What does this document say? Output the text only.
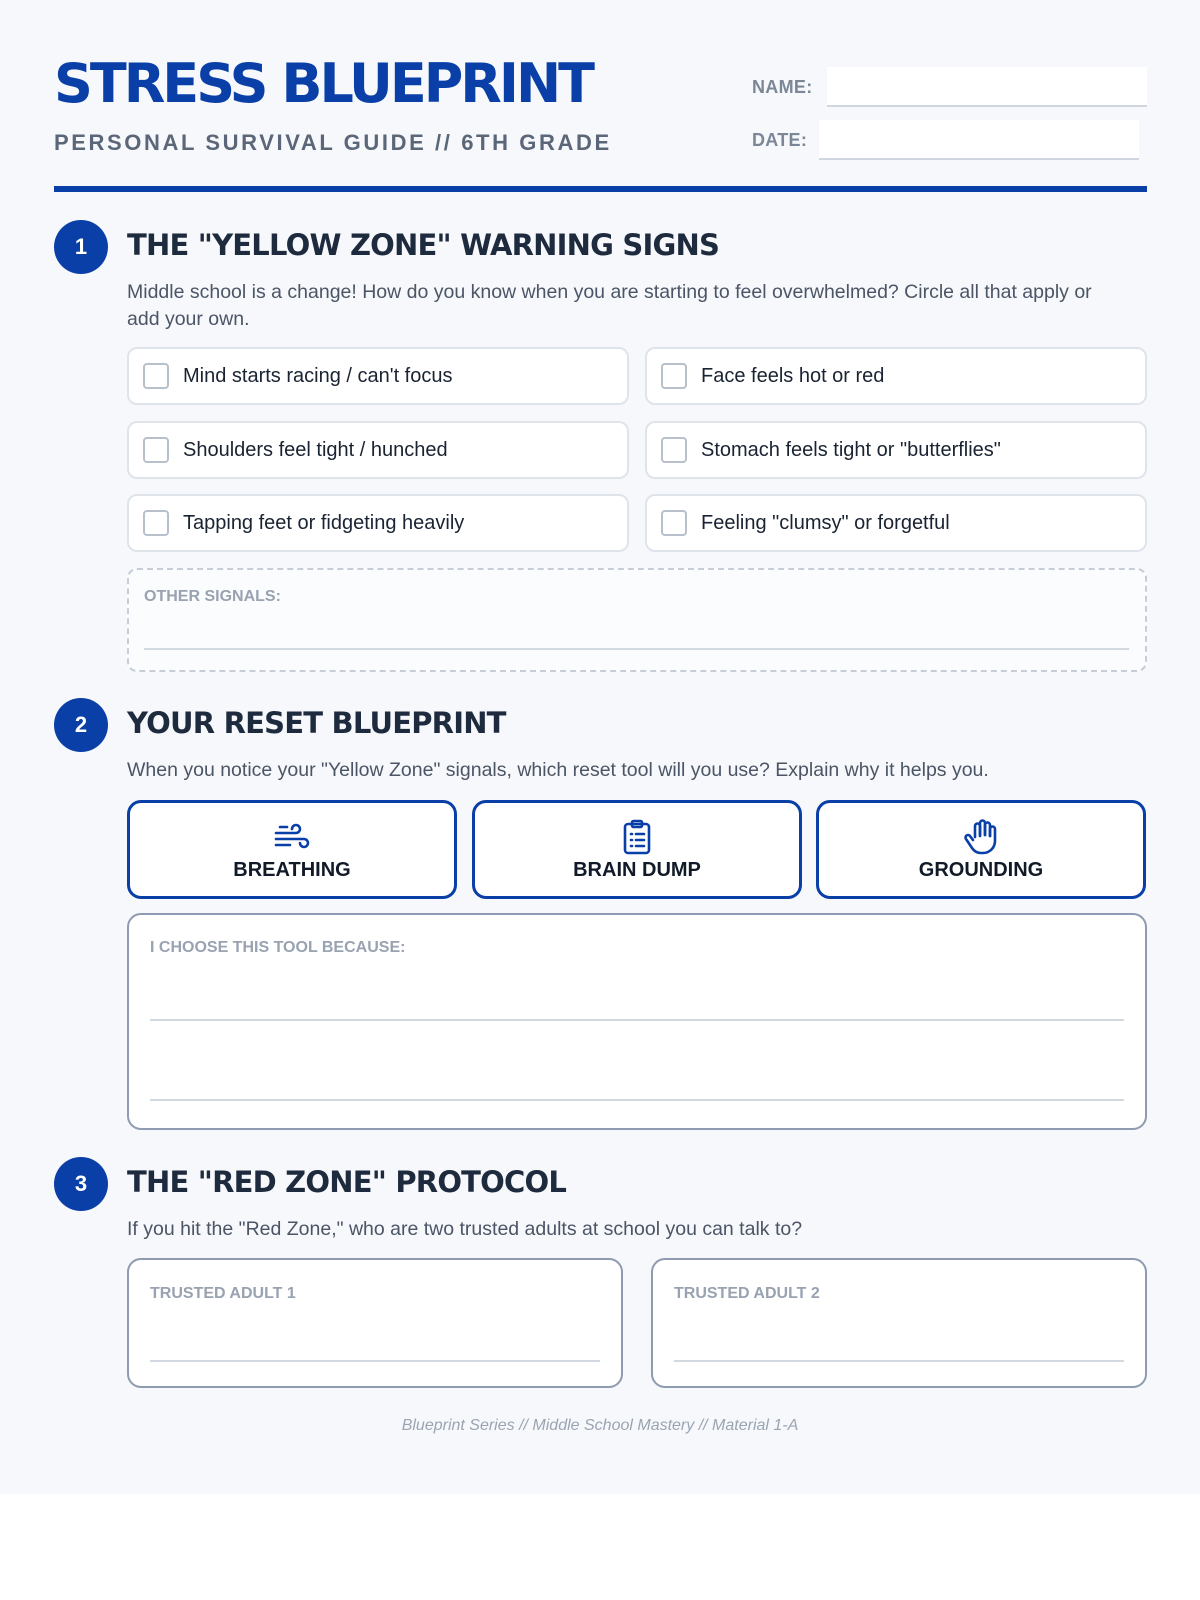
STRESS BLUEPRINT
PERSONAL SURVIVAL GUIDE // 6TH GRADE
NAME:
DATE:
1	THE "YELLOW ZONE" WARNING SIGNS
Middle school is a change! How do you know when you are starting to feel overwhelmed? Circle all that apply or add your own.
Mind starts racing / can't focus	Face feels hot or red
Shoulders feel tight / hunched	Stomach feels tight or "butterflies"
Tapping feet or fidgeting heavily	Feeling "clumsy" or forgetful
OTHER SIGNALS:
2	YOUR RESET BLUEPRINT
When you notice your "Yellow Zone" signals, which reset tool will you use? Explain why it helps you.
BREATHING	BRAIN DUMP	GROUNDING
I CHOOSE THIS TOOL BECAUSE:
3	THE "RED ZONE" PROTOCOL
If you hit the "Red Zone," who are two trusted adults at school you can talk to?
TRUSTED ADULT 1	TRUSTED ADULT 2
Blueprint Series // Middle School Mastery // Material 1-A
